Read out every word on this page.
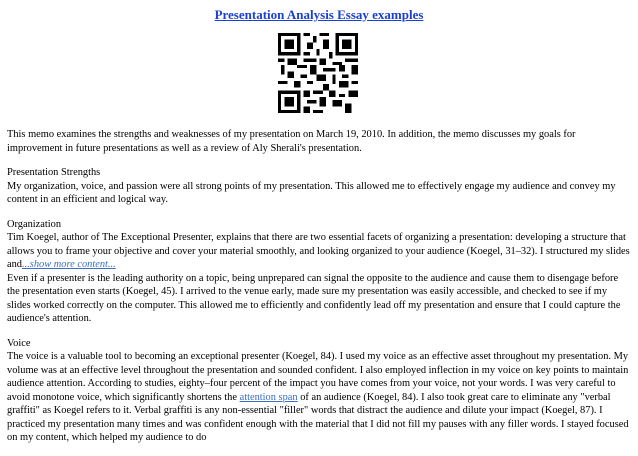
Presentation Analysis Essay examples

This memo examines the strengths and weaknesses of my presentation on March 19, 2010. In addition, the memo discusses my goals for improvement in future presentations as well as a review of Aly Sherali's presentation.

Presentation Strengths
My organization, voice, and passion were all strong points of my presentation. This allowed me to effectively engage my audience and convey my content in an efficient and logical way.

Organization
Tim Koegel, author of The Exceptional Presenter, explains that there are two essential facets of organizing a presentation: developing a structure that allows you to frame your objective and cover your material smoothly, and looking organized to your audience (Koegel, 31–32). I structured my slides and...show more content...
Even if a presenter is the leading authority on a topic, being unprepared can signal the opposite to the audience and cause them to disengage before the presentation even starts (Koegel, 45). I arrived to the venue early, made sure my presentation was easily accessible, and checked to see if my slides worked correctly on the computer. This allowed me to efficiently and confidently lead off my presentation and ensure that I could capture the audience's attention.

Voice
The voice is a valuable tool to becoming an exceptional presenter (Koegel, 84). I used my voice as an effective asset throughout my presentation. My volume was at an effective level throughout the presentation and sounded confident. I also employed inflection in my voice on key points to maintain audience attention. According to studies, eighty–four percent of the impact you have comes from your voice, not your words. I was very careful to avoid monotone voice, which significantly shortens the attention span of an audience (Koegel, 84). I also took great care to eliminate any "verbal graffiti" as Koegel refers to it. Verbal graffiti is any non-essential "filler" words that distract the audience and dilute your impact (Koegel, 87). I practiced my presentation many times and was confident enough with the material that I did not fill my pauses with any filler words. I stayed focused on my content, which helped my audience to do
